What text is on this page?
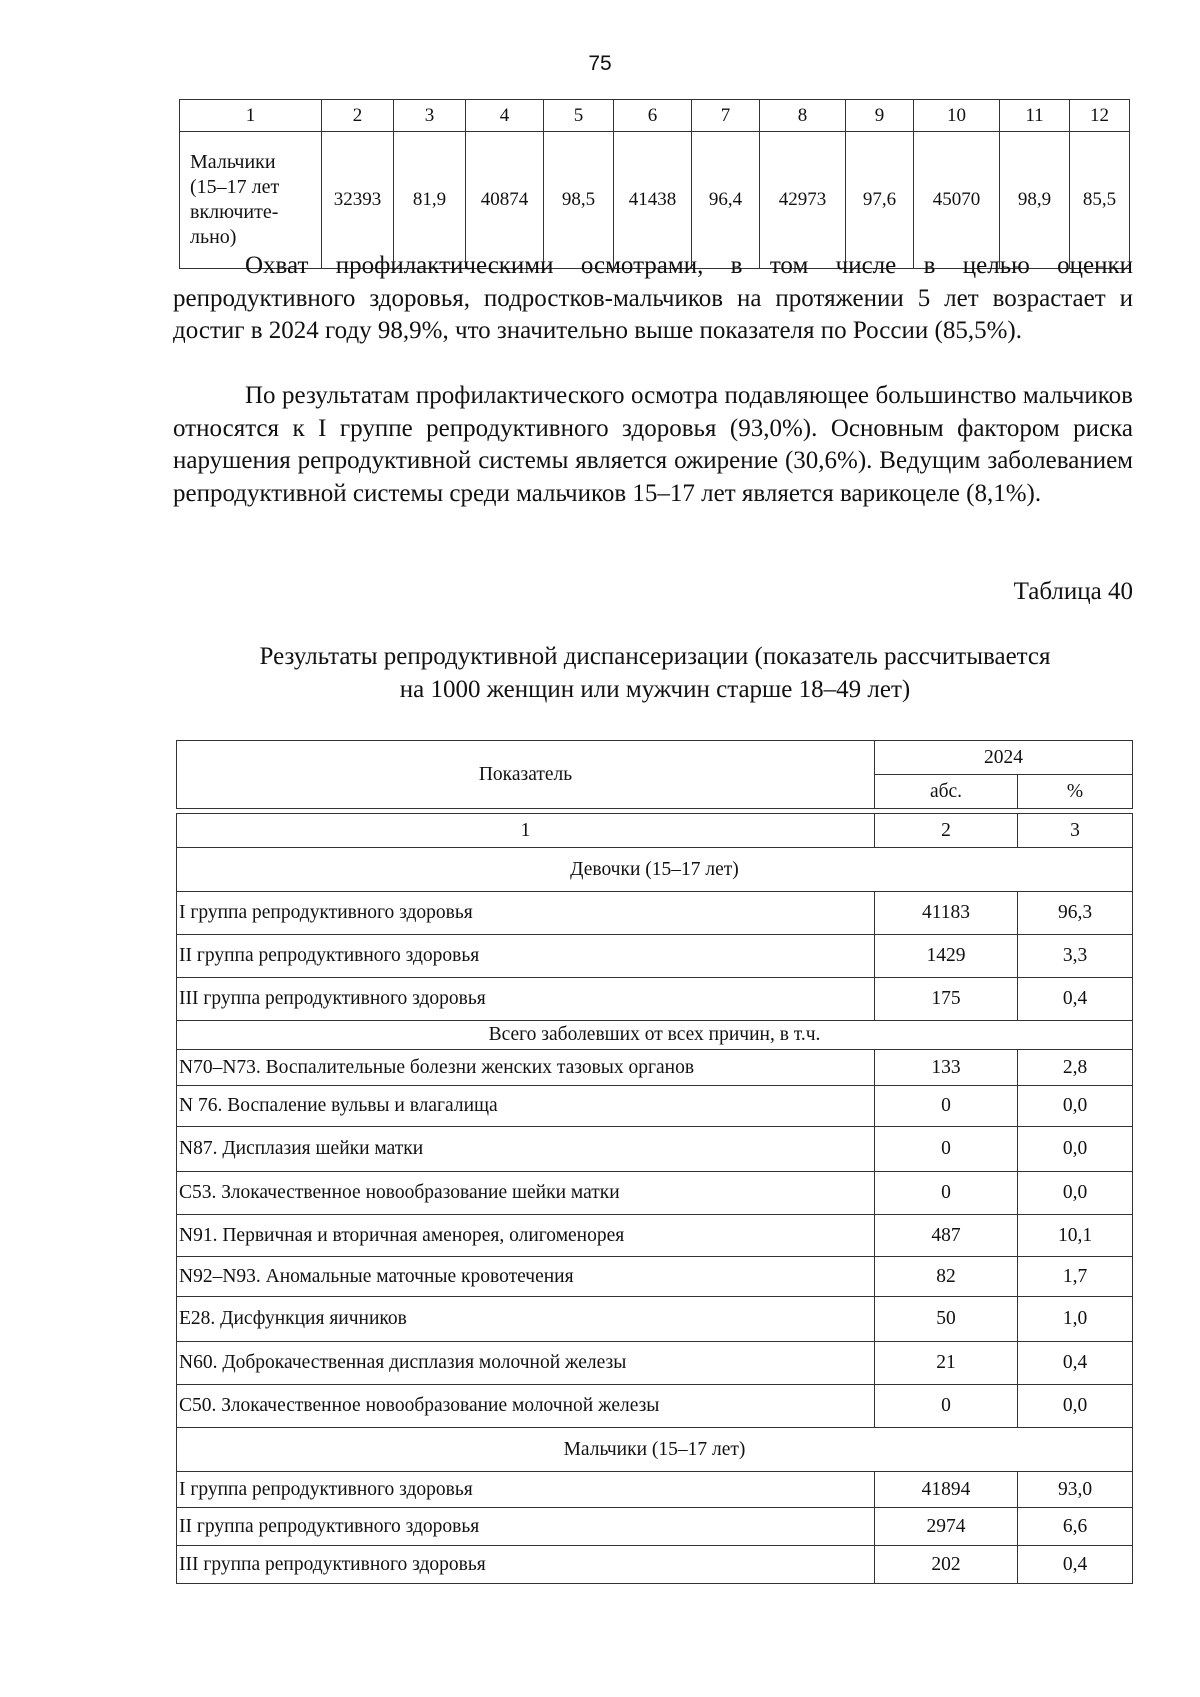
75
1	2	3	4	5	6	7	8	9	10	11	12

Мальчики
(15–17 лет
включите-
льно)	32393	81,9	40874	98,5	41438	96,4	42973	97,6	45070	98,9	85,5

Охват профилактическими осмотрами, в том числе в целью оценки репродуктивного здоровья, подростков-мальчиков на протяжении 5 лет возрастает и достиг в 2024 году 98,9%, что значительно выше показателя по России (85,5%).

По результатам профилактического осмотра подавляющее большинство мальчиков относятся к I группе репродуктивного здоровья (93,0%). Основным фактором риска нарушения репродуктивной системы является ожирение (30,6%). Ведущим заболеванием репродуктивной системы среди мальчиков 15–17 лет является варикоцеле (8,1%).

Таблица 40
Результаты репродуктивной диспансеризации (показатель рассчитывается
на 1000 женщин или мужчин старше 18–49 лет)
Показатель	2024	
	абс.	%

1	2	3
Девочки (15–17 лет)		
I группа репродуктивного здоровья	41183	96,3
II группа репродуктивного здоровья	1429	3,3
III группа репродуктивного здоровья	175	0,4
Всего заболевших от всех причин, в т.ч.		
N70–N73. Воспалительные болезни женских тазовых органов	133	2,8
N 76. Воспаление вульвы и влагалища	0	0,0
N87. Дисплазия шейки матки	0	0,0
C53. Злокачественное новообразование шейки матки	0	0,0
N91. Первичная и вторичная аменорея, олигоменорея	487	10,1
N92–N93. Аномальные маточные кровотечения	82	1,7
E28. Дисфункция яичников	50	1,0
N60. Доброкачественная дисплазия молочной железы	21	0,4
C50. Злокачественное новообразование молочной железы	0	0,0
Мальчики (15–17 лет)		
I группа репродуктивного здоровья	41894	93,0
II группа репродуктивного здоровья	2974	6,6
III группа репродуктивного здоровья	202	0,4
